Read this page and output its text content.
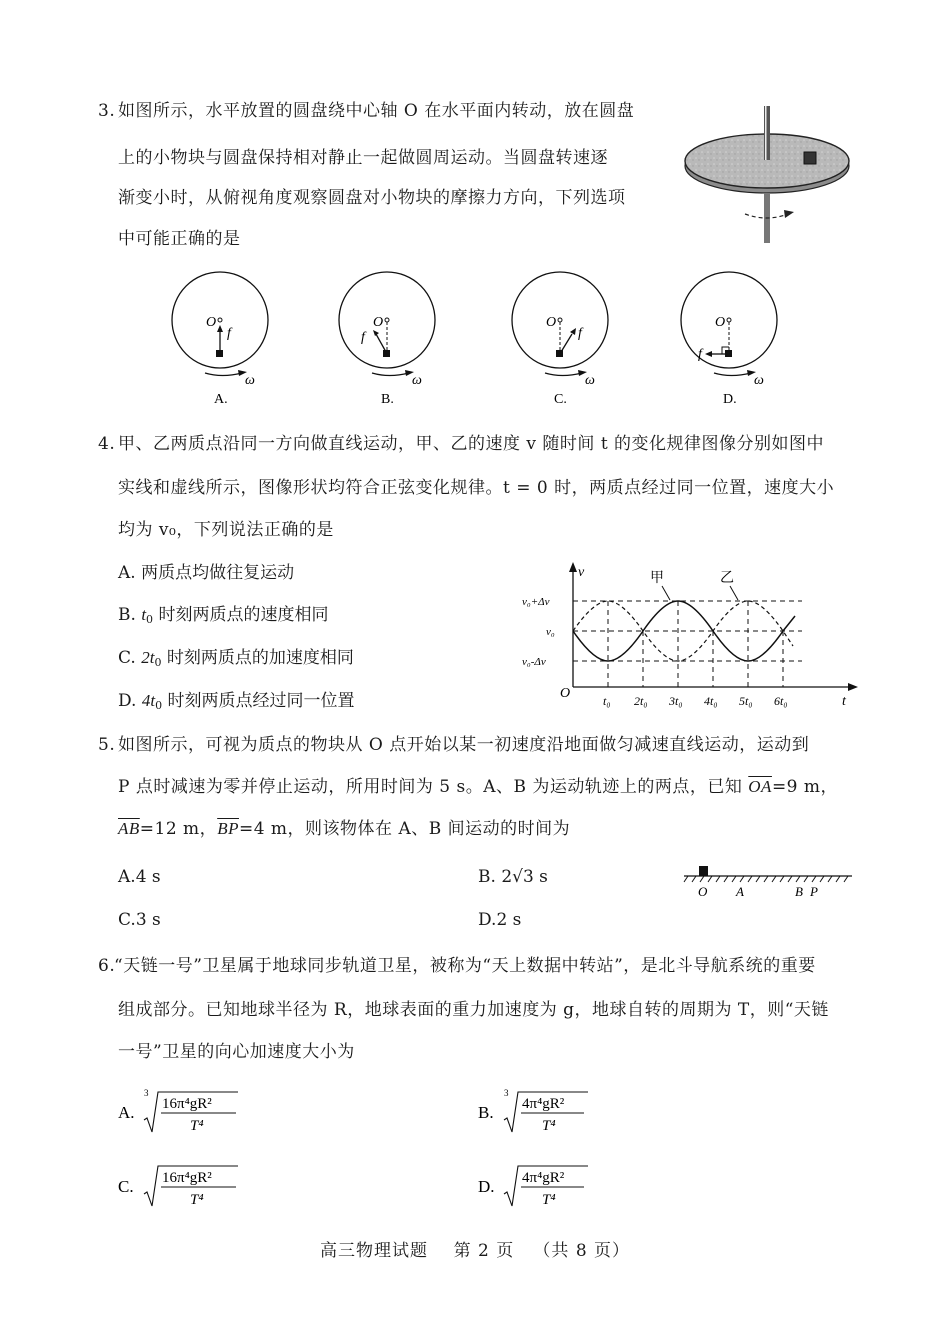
3. 如图所示，水平放置的圆盘绕中心轴 O 在水平面内转动，放在圆盘
上的小物块与圆盘保持相对静止一起做圆周运动。当圆盘转速逐
渐变小时，从俯视角度观察圆盘对小物块的摩擦力方向，下列选项
中可能正确的是
O
f
ω
A.
O
f
ω
B.
O
f
ω
C.
O
f
ω
D.
4. 甲、乙两质点沿同一方向做直线运动，甲、乙的速度 v 随时间 t 的变化规律图像分别如图中
实线和虚线所示，图像形状均符合正弦变化规律。t = 0 时，两质点经过同一位置，速度大小
均为 v₀，下列说法正确的是
A. 两质点均做往复运动
B. $t_0$ 时刻两质点的速度相同
C. $2t_0$ 时刻两质点的加速度相同
D. $4t_0$ 时刻两质点经过同一位置
v
t
O
v₀+Δv
v₀
v₀-Δv
t₀ 2t₀ 3t₀ 4t₀ 5t₀ 6t₀
甲	乙
5. 如图所示，可视为质点的物块从 O 点开始以某一初速度沿地面做匀减速直线运动，运动到
P 点时减速为零并停止运动，所用时间为 5 s。A、B 为运动轨迹上的两点，已知 $\overline{OA}=9$ m，
$\overline{AB}=12$ m，$\overline{BP}=4$ m，则该物体在 A、B 间运动的时间为
A.4 s	B. 2√3 s
C.3 s	D.2 s
O A	B P
6.
“天链一号”卫星属于地球同步轨道卫星，被称为“天上数据中转站”，是北斗导航系统的重要
组成部分。已知地球半径为 R，地球表面的重力加速度为 g，地球自转的周期为 T，则“天链
一号”卫星的向心加速度大小为
A.
3
16π⁴gR²
T⁴
B.
3
4π⁴gR²
T⁴
C. 16π⁴gR²
T⁴
D. 4π⁴gR²
T⁴
高三物理试题 第 2 页 （共 8 页）
